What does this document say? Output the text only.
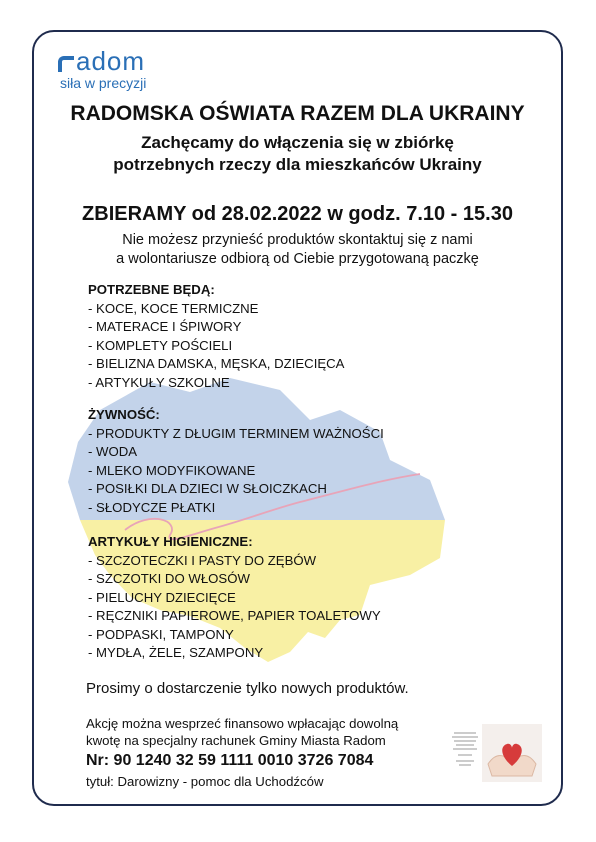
adom
siła w precyzji
RADOMSKA OŚWIATA RAZEM DLA UKRAINY
Zachęcamy do włączenia się w zbiórkę
potrzebnych rzeczy dla mieszkańców Ukrainy
ZBIERAMY od 28.02.2022 w godz. 7.10 - 15.30
Nie możesz przynieść produktów skontaktuj się z nami
a wolontariusze odbiorą od Ciebie przygotowaną paczkę
POTRZEBNE BĘDĄ:
- KOCE, KOCE TERMICZNE
- MATERACE I ŚPIWORY
- KOMPLETY POŚCIELI
- BIELIZNA DAMSKA, MĘSKA, DZIECIĘCA
- ARTYKUŁY SZKOLNE
ŻYWNOŚĆ:
- PRODUKTY Z DŁUGIM TERMINEM WAŻNOŚCI
- WODA
- MLEKO MODYFIKOWANE
- POSIŁKI DLA DZIECI W SŁOICZKACH
- SŁODYCZE PŁATKI
ARTYKUŁY HIGIENICZNE:
- SZCZOTECZKI I PASTY DO ZĘBÓW
- SZCZOTKI DO WŁOSÓW
- PIELUCHY DZIECIĘCE
- RĘCZNIKI PAPIEROWE, PAPIER TOALETOWY
- PODPASKI, TAMPONY
- MYDŁA, ŻELE, SZAMPONY
Prosimy o dostarczenie tylko nowych produktów.
Akcję można wesprzeć finansowo wpłacając dowolną
kwotę na specjalny rachunek Gminy Miasta Radom
Nr: 90 1240 32 59 1111 0010 3726 7084
tytuł: Darowizny - pomoc dla Uchodźców
